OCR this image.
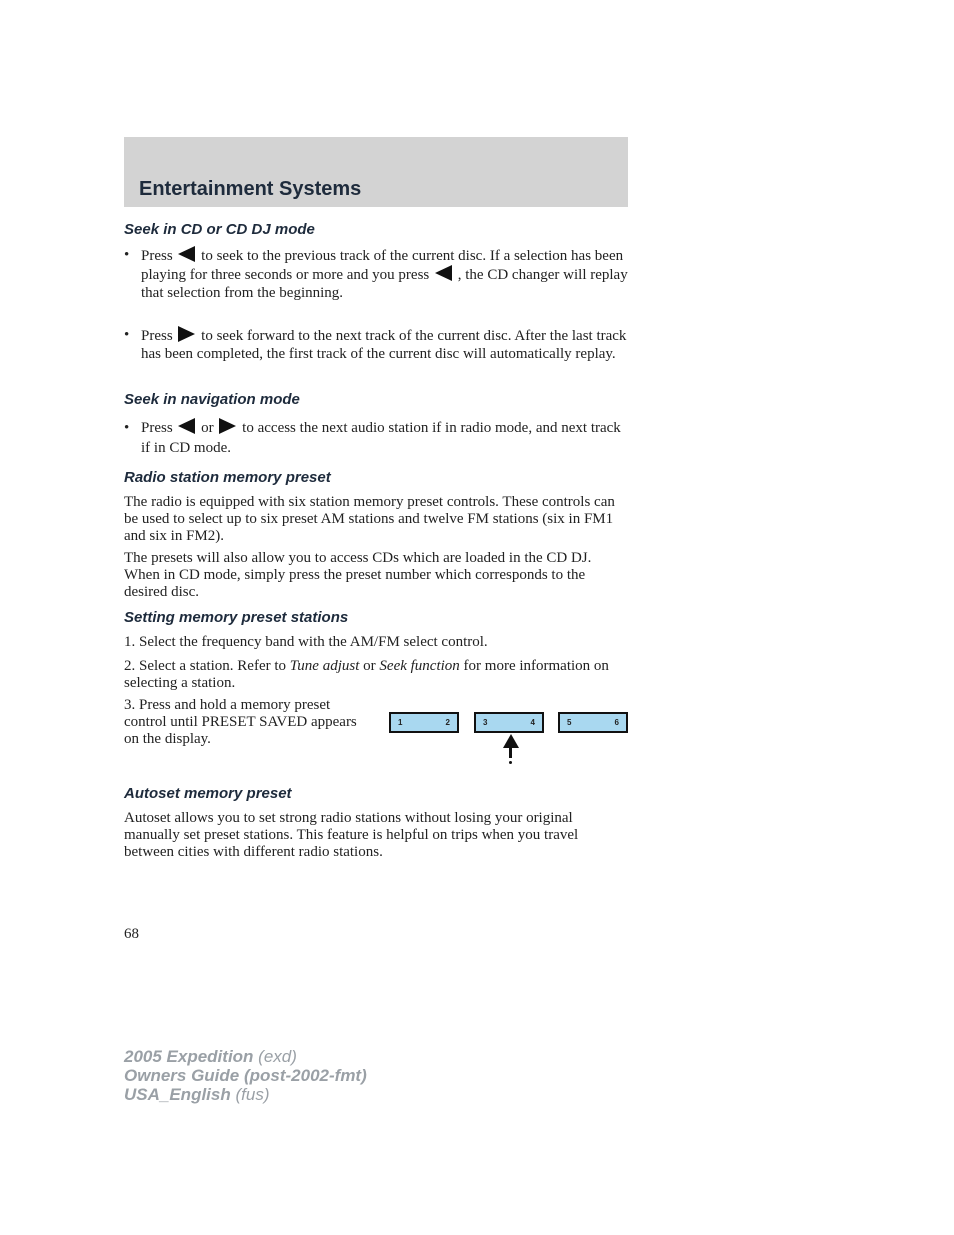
Entertainment Systems
Seek in CD or CD DJ mode
• Press to seek to the previous track of the current disc. If a selection has been playing for three seconds or more and you press , the CD changer will replay that selection from the beginning.
• Press to seek forward to the next track of the current disc. After the last track has been completed, the first track of the current disc will automatically replay.
Seek in navigation mode
• Press or to access the next audio station if in radio mode, and next track if in CD mode.
Radio station memory preset

The radio is equipped with six station memory preset controls. These controls can be used to select up to six preset AM stations and twelve FM stations (six in FM1 and six in FM2).

The presets will also allow you to access CDs which are loaded in the CD DJ. When in CD mode, simply press the preset number which corresponds to the desired disc.

Setting memory preset stations

1. Select the frequency band with the AM/FM select control.

2. Select a station. Refer to Tune adjust or Seek function for more information on selecting a station.

3. Press and hold a memory preset control until PRESET SAVED appears on the display.

1	2	3	4	5	6
Autoset memory preset

Autoset allows you to set strong radio stations without losing your original manually set preset stations. This feature is helpful on trips when you travel between cities with different radio stations.

68
2005 Expedition (exd)
Owners Guide (post-2002-fmt)
USA_English (fus)
